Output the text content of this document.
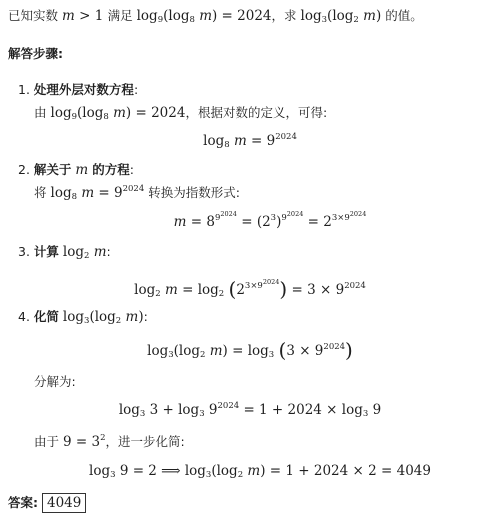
已知实数 m > 1 满足 $\log_9(\log_8$ m) = 2024，求 $\log_3(\log_2$ m) 的值。
解答步骤:
1. 处理外层对数方程:
由 $\log_9(\log_8$ m) = 2024，根据对数的定义，可得:
$\log_8 m = 9^{2024}$
2. 解关于 m 的方程:
将 $\log_8 m = 9^{2024}$ 转换为指数形式:
$m = 8^{9^{2024}} = (2^3)^{9^{2024}} = 2^{3\times 9^{2024}}$
3. 计算 $\log_2 m$:
$\log_2 m = \log_2 (2^{3\times 9^{2024}}) = 3 \times 9^{2024}$
4. 化简 $\log_3(\log_2$ m):
$\log_3(\log_2$ $m) = \log_3 (3 \times 9^{2024})$
分解为:
$\log_3 3 + \log_3 9^{2024} = 1 + 2024 \times \log_3 9$
由于 $9 = 3^2$，进一步化简:
$\log_3 9 = 2$ ⟹ $\log_3(\log_2$ m) = 1 + 2024 × 2 = 4049
答案: 4049
